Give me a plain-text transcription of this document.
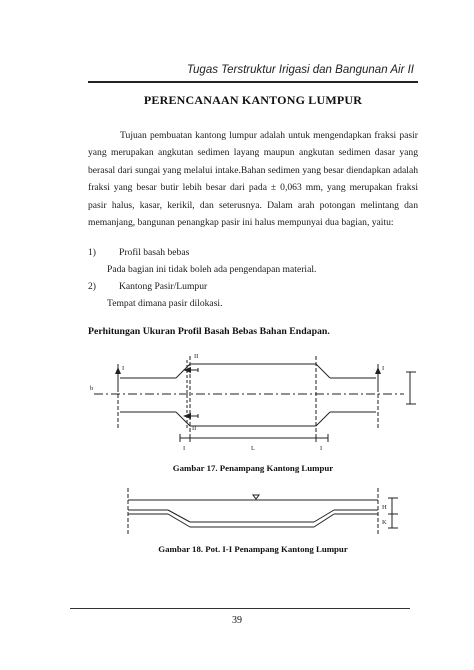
Tugas Terstruktur Irigasi dan Bangunan Air II
PERENCANAAN KANTONG LUMPUR

Tujuan pembuatan kantong lumpur adalah untuk mengendapkan fraksi pasir yang merupakan angkutan sedimen layang maupun angkutan sedimen dasar yang berasal dari sungai yang melalui intake.Bahan sedimen yang besar diendapkan adalah fraksi yang besar butir lebih besar dari pada ± 0,063 mm, yang merupakan fraksi pasir halus, kasar, kerikil, dan seterusnya. Dalam arah potongan melintang dan memanjang, bangunan penangkap pasir ini halus mempunyai dua bagian, yaitu:

1) Profil basah bebas
Pada bagian ini tidak boleh ada pengendapan material.
2) Kantong Pasir/Lumpur
Tempat dimana pasir dilokasi.
Perhitungan Ukuran Profil Basah Bebas Bahan Endapan.
II
II
I	I
b
I	L	I
Gambar 17. Penampang Kantong Lumpur
H
K
Gambar 18. Pot. I-I Penampang Kantong Lumpur
39
